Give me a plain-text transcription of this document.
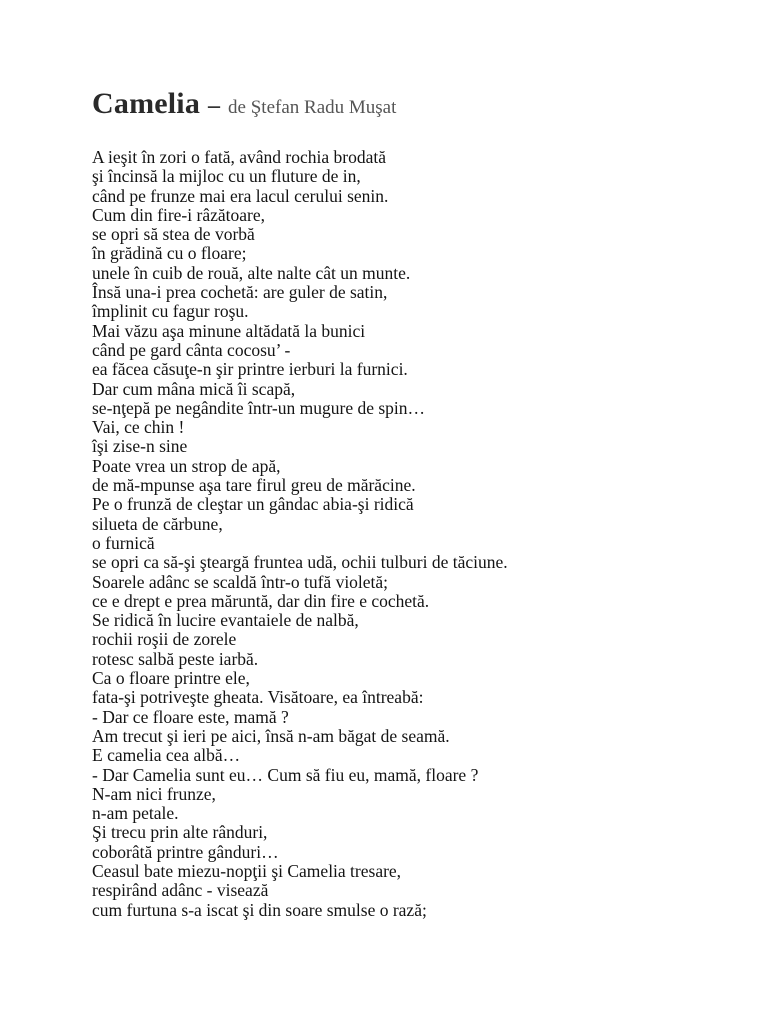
Camelia – de Ştefan Radu Muşat
A ieşit în zori o fată, având rochia brodată
şi încinsă la mijloc cu un fluture de in,
când pe frunze mai era lacul cerului senin.
Cum din fire-i râzătoare,
se opri să stea de vorbă
în grădină cu o floare;
unele în cuib de rouă, alte nalte cât un munte.
Însă una-i prea cochetă: are guler de satin,
împlinit cu fagur roşu.
Mai văzu aşa minune altădată la bunici
când pe gard cânta cocosu’ -
ea făcea căsuţe-n şir printre ierburi la furnici.
Dar cum mâna mică îi scapă,
se-nţepă pe negândite într-un mugure de spin…
Vai, ce chin !
îşi zise-n sine
Poate vrea un strop de apă,
de mă-mpunse aşa tare firul greu de mărăcine.
Pe o frunză de cleştar un gândac abia-şi ridică
silueta de cărbune,
o furnică
se opri ca să-şi şteargă fruntea udă, ochii tulburi de tăciune.
Soarele adânc se scaldă într-o tufă violetă;
ce e drept e prea măruntă, dar din fire e cochetă.
Se ridică în lucire evantaiele de nalbă,
rochii roşii de zorele
rotesc salbă peste iarbă.
Ca o floare printre ele,
fata-şi potriveşte gheata. Visătoare, ea întreabă:
- Dar ce floare este, mamă ?
Am trecut şi ieri pe aici, însă n-am băgat de seamă.
E camelia cea albă…
- Dar Camelia sunt eu… Cum să fiu eu, mamă, floare ?
N-am nici frunze,
n-am petale.
Şi trecu prin alte rânduri,
coborâtă printre gânduri…
Ceasul bate miezu-nopţii şi Camelia tresare,
respirând adânc - visează
cum furtuna s-a iscat şi din soare smulse o rază;
